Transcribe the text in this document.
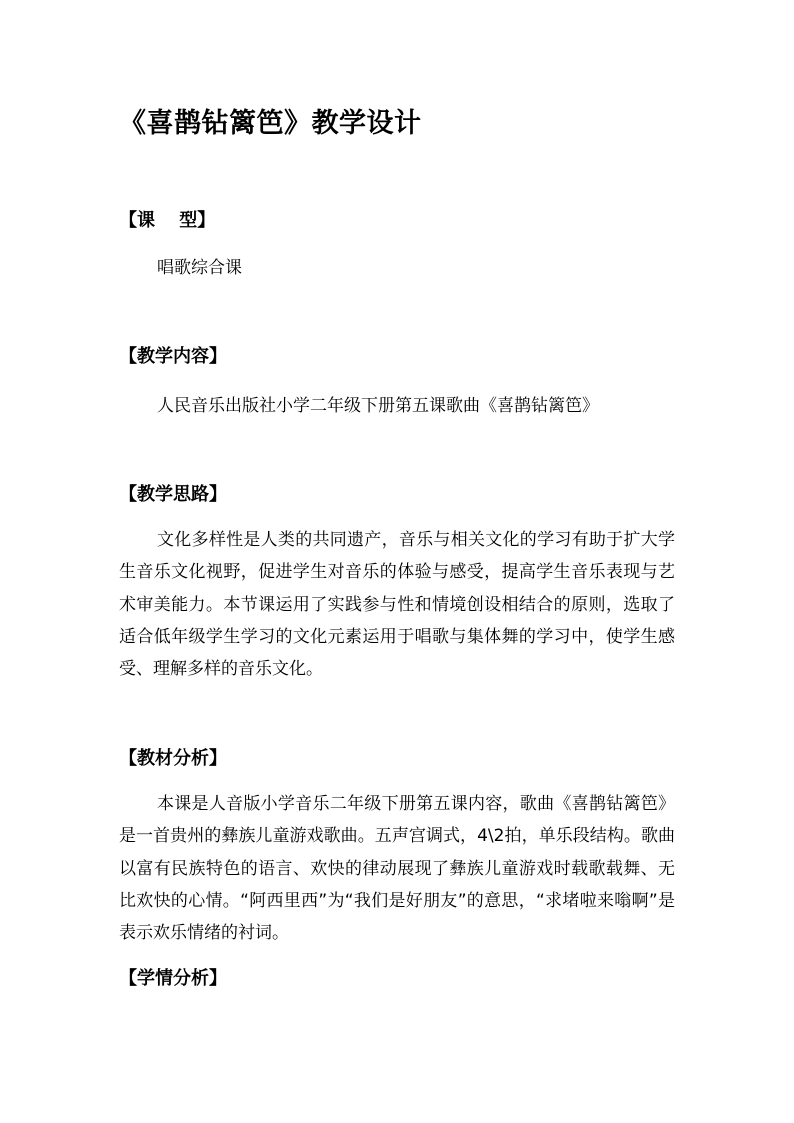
《喜鹊钻篱笆》教学设计
【课　 型】
唱歌综合课
【教学内容】
人民音乐出版社小学二年级下册第五课歌曲《喜鹊钻篱笆》
【教学思路】
文化多样性是人类的共同遗产，音乐与相关文化的学习有助于扩大学生音乐文化视野，促进学生对音乐的体验与感受，提高学生音乐表现与艺术审美能力。本节课运用了实践参与性和情境创设相结合的原则，选取了适合低年级学生学习的文化元素运用于唱歌与集体舞的学习中，使学生感受、理解多样的音乐文化。
【教材分析】
本课是人音版小学音乐二年级下册第五课内容，歌曲《喜鹊钻篱笆》是一首贵州的彝族儿童游戏歌曲。五声宫调式，4\2拍，单乐段结构。歌曲以富有民族特色的语言、欢快的律动展现了彝族儿童游戏时载歌载舞、无比欢快的心情。“阿西里西”为“我们是好朋友”的意思，“求堵啦来嗡啊”是表示欢乐情绪的衬词。
【学情分析】
